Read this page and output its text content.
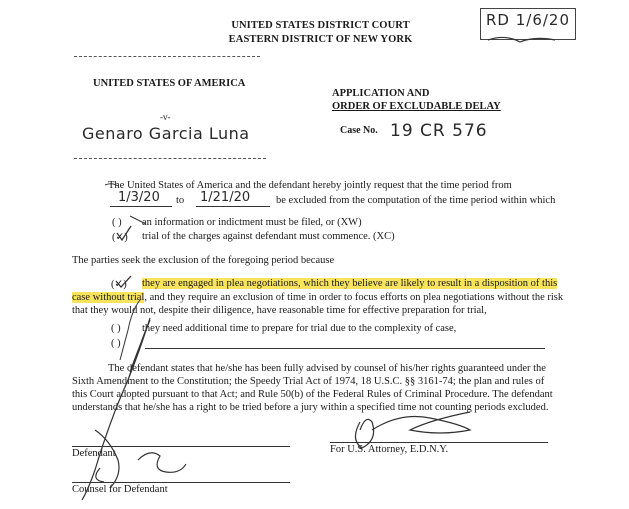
UNITED STATES DISTRICT COURT
EASTERN DISTRICT OF NEW YORK
RD 1/6/20
UNITED STATES OF AMERICA
-v-
Genaro Garcia Luna
APPLICATION AND
ORDER OF EXCLUDABLE DELAY
Case No. 19 CR 576
The United States of America and the defendant hereby jointly request that the time period from
1/3/20 to 1/21/20 be excluded from the computation of the time period within which
( ) an information or indictment must be filed, or (XW)
(✓) trial of the charges against defendant must commence. (XC)
The parties seek the exclusion of the foregoing period because
(✓) they are engaged in plea negotiations, which they believe are likely to result in a disposition of this
case without trial, and they require an exclusion of time in order to focus efforts on plea negotiations without the risk
that they would not, despite their diligence, have reasonable time for effective preparation for trial,
( ) they need additional time to prepare for trial due to the complexity of case,
( )
The defendant states that he/she has been fully advised by counsel of his/her rights guaranteed under the
Sixth Amendment to the Constitution; the Speedy Trial Act of 1974, 18 U.S.C. §§ 3161-74; the plan and rules of
this Court adopted pursuant to that Act; and Rule 50(b) of the Federal Rules of Criminal Procedure. The defendant
understands that he/she has a right to be tried before a jury within a specified time not counting periods excluded.
Defendant
Counsel for Defendant
For U.S. Attorney, E.D.N.Y.
